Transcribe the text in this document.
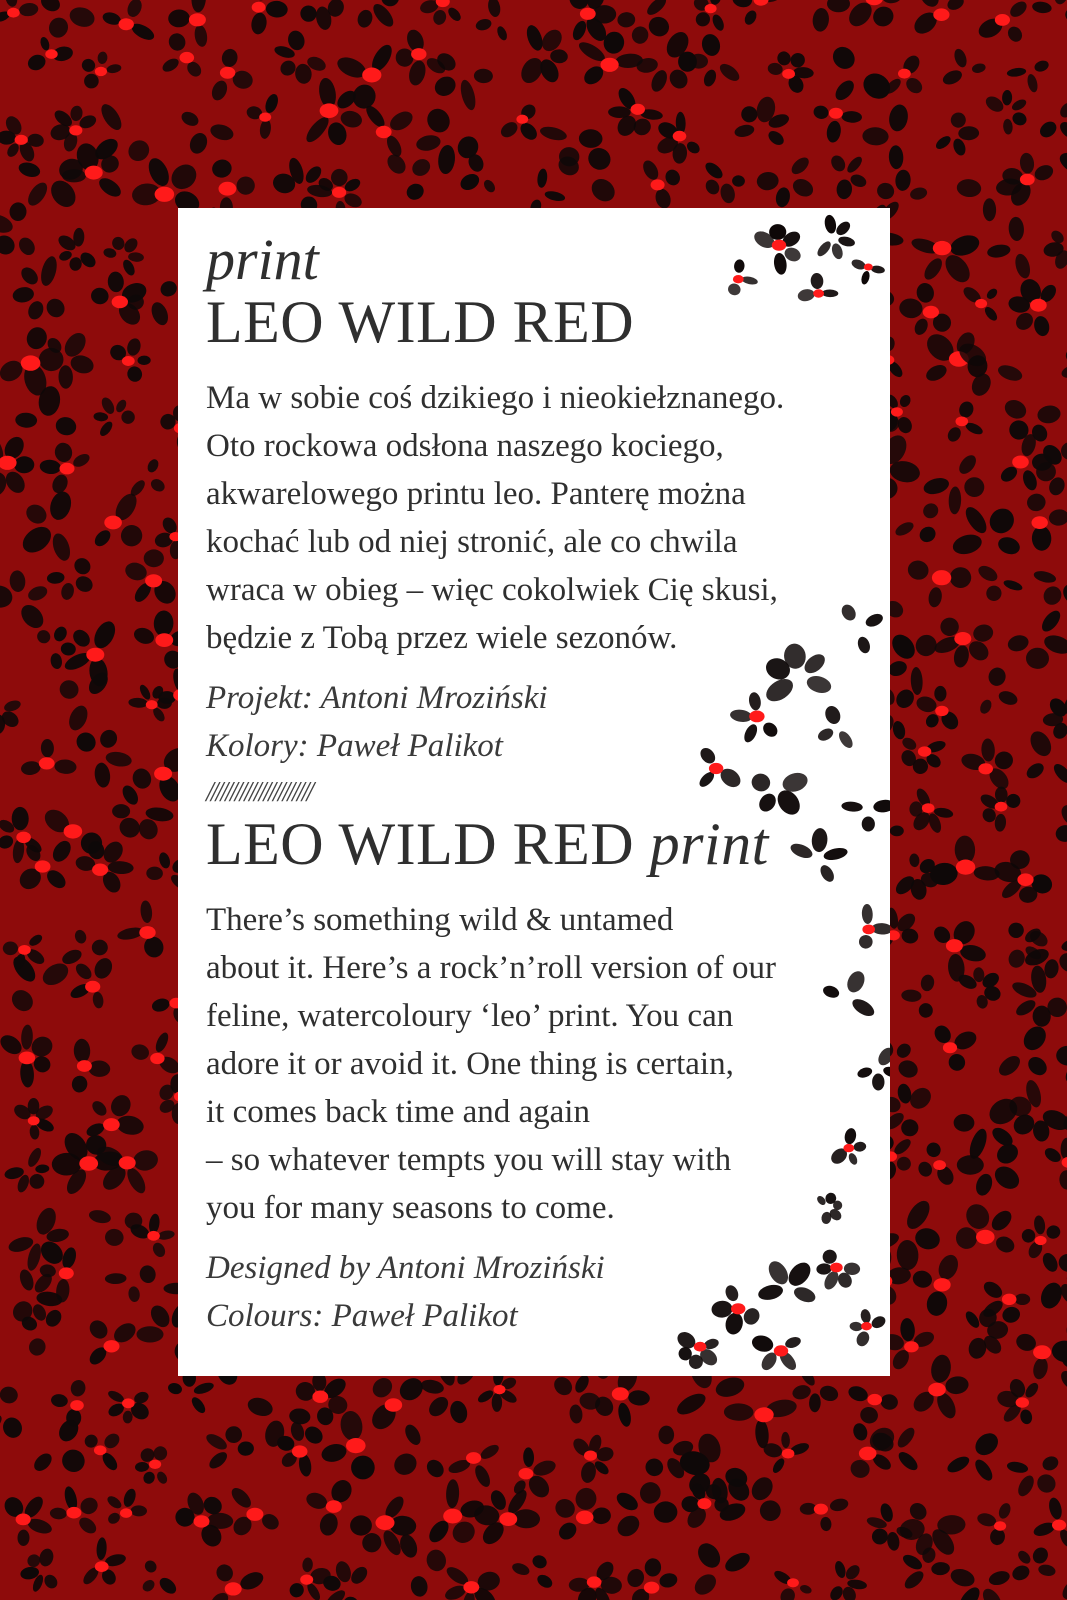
print

LEO WILD RED

Ma w sobie coś dzikiego i nieokiełznanego.
Oto rockowa odsłona naszego kociego,
akwarelowego printu leo. Panterę można
kochać lub od niej stronić, ale co chwila
wraca w obieg – więc cokolwiek Cię skusi,
będzie z Tobą przez wiele sezonów.

Projekt: Antoni Mroziński

Kolory: Paweł Palikot

//////////////////////
LEO WILD RED print

There’s something wild & untamed
about it. Here’s a rock’n’roll version of our
feline, watercoloury ‘leo’ print. You can
adore it or avoid it. One thing is certain,
it comes back time and again
– so whatever tempts you will stay with
you for many seasons to come.

Designed by Antoni Mroziński

Colours: Paweł Palikot
